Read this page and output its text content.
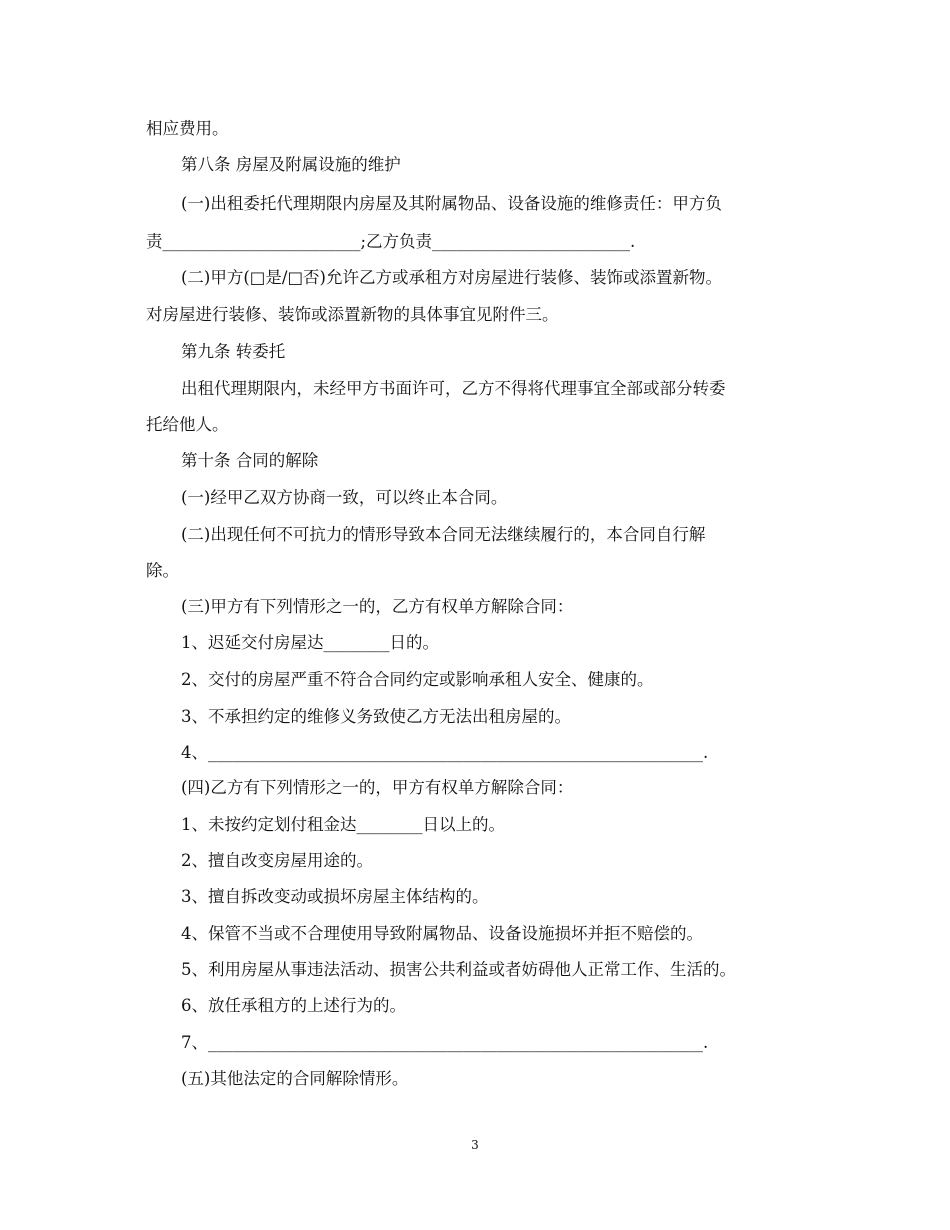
相应费用。

第八条 房屋及附属设施的维护

(一)出租委托代理期限内房屋及其附属物品、设备设施的维修责任：甲方负

责________________________;乙方负责________________________.

(二)甲方(□是/□否)允许乙方或承租方对房屋进行装修、装饰或添置新物。

对房屋进行装修、装饰或添置新物的具体事宜见附件三。

第九条 转委托

出租代理期限内，未经甲方书面许可，乙方不得将代理事宜全部或部分转委

托给他人。

第十条 合同的解除

(一)经甲乙双方协商一致，可以终止本合同。

(二)出现任何不可抗力的情形导致本合同无法继续履行的，本合同自行解

除。

(三)甲方有下列情形之一的，乙方有权单方解除合同：

1、迟延交付房屋达________日的。

2、交付的房屋严重不符合合同约定或影响承租人安全、健康的。

3、不承担约定的维修义务致使乙方无法出租房屋的。

4、____________________________________________________________.

(四)乙方有下列情形之一的，甲方有权单方解除合同：

1、未按约定划付租金达________日以上的。

2、擅自改变房屋用途的。

3、擅自拆改变动或损坏房屋主体结构的。

4、保管不当或不合理使用导致附属物品、设备设施损坏并拒不赔偿的。

5、利用房屋从事违法活动、损害公共利益或者妨碍他人正常工作、生活的。

6、放任承租方的上述行为的。

7、____________________________________________________________.

(五)其他法定的合同解除情形。

3
